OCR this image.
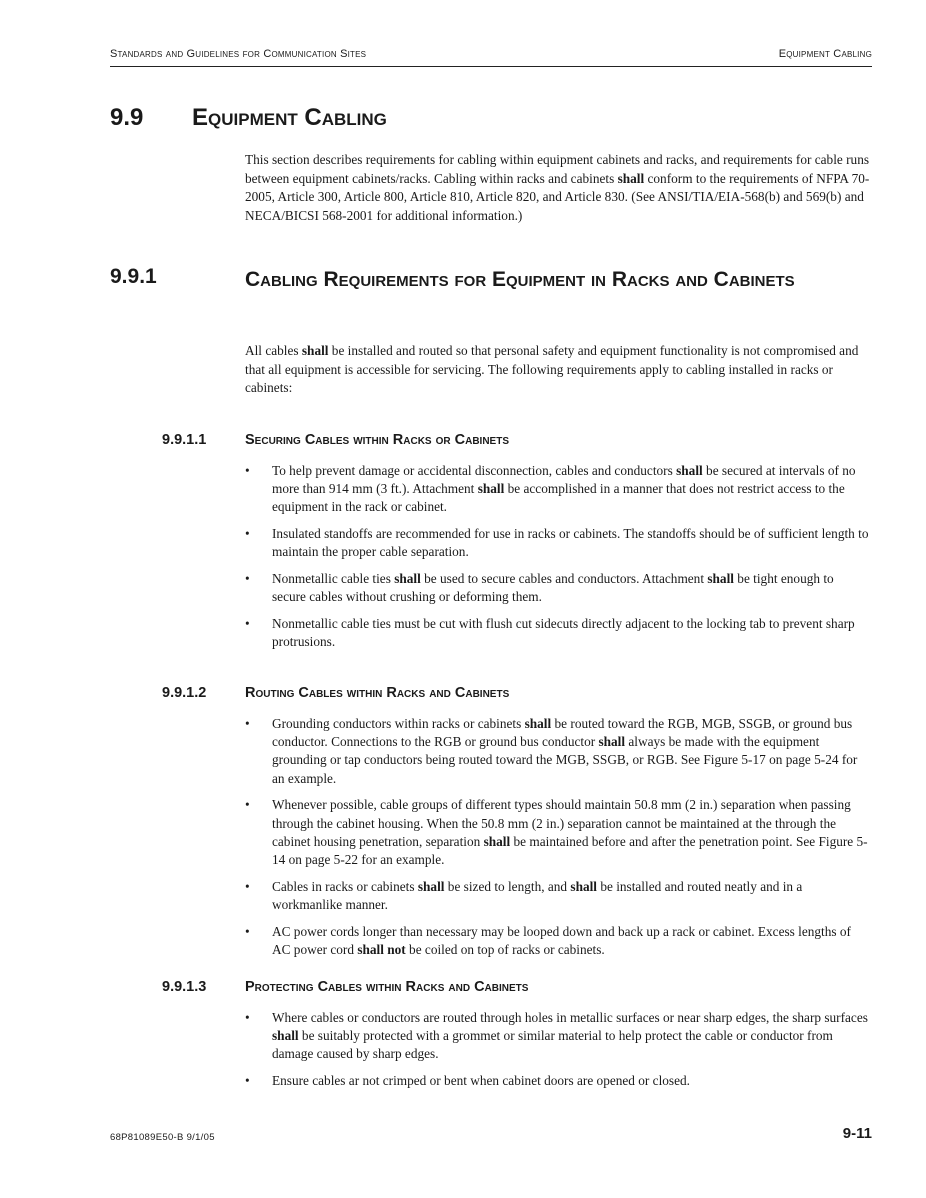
Standards and Guidelines for Communication Sites	Equipment Cabling
9.9 Equipment Cabling

This section describes requirements for cabling within equipment cabinets and racks, and requirements for cable runs between equipment cabinets/racks. Cabling within racks and cabinets shall conform to the requirements of NFPA 70-2005, Article 300, Article 800, Article 810, Article 820, and Article 830. (See ANSI/TIA/EIA-568(b) and 569(b) and NECA/BICSI 568-2001 for additional information.)

9.9.1	Cabling Requirements for Equipment in Racks and Cabinets

All cables shall be installed and routed so that personal safety and equipment functionality is not compromised and that all equipment is accessible for servicing. The following requirements apply to cabling installed in racks or cabinets:

9.9.1.1	Securing Cables within Racks or Cabinets
• To help prevent damage or accidental disconnection, cables and conductors shall be secured at intervals of no more than 914 mm (3 ft.). Attachment shall be accomplished in a manner that does not restrict access to the equipment in the rack or cabinet.
• Insulated standoffs are recommended for use in racks or cabinets. The standoffs should be of sufficient length to maintain the proper cable separation.
• Nonmetallic cable ties shall be used to secure cables and conductors. Attachment shall be tight enough to secure cables without crushing or deforming them.
• Nonmetallic cable ties must be cut with flush cut sidecuts directly adjacent to the locking tab to prevent sharp protrusions.
9.9.1.2	Routing Cables within Racks and Cabinets
• Grounding conductors within racks or cabinets shall be routed toward the RGB, MGB, SSGB, or ground bus conductor. Connections to the RGB or ground bus conductor shall always be made with the equipment grounding or tap conductors being routed toward the MGB, SSGB, or RGB. See Figure 5-17 on page 5-24 for an example.
• Whenever possible, cable groups of different types should maintain 50.8 mm (2 in.) separation when passing through the cabinet housing. When the 50.8 mm (2 in.) separation cannot be maintained at the through the cabinet housing penetration, separation shall be maintained before and after the penetration point. See Figure 5-14 on page 5-22 for an example.
• Cables in racks or cabinets shall be sized to length, and shall be installed and routed neatly and in a workmanlike manner.
• AC power cords longer than necessary may be looped down and back up a rack or cabinet. Excess lengths of AC power cord shall not be coiled on top of racks or cabinets.
9.9.1.3	Protecting Cables within Racks and Cabinets
• Where cables or conductors are routed through holes in metallic surfaces or near sharp edges, the sharp surfaces shall be suitably protected with a grommet or similar material to help protect the cable or conductor from damage caused by sharp edges.
• Ensure cables ar not crimped or bent when cabinet doors are opened or closed.
68P81089E50-B 9/1/05	9-11
